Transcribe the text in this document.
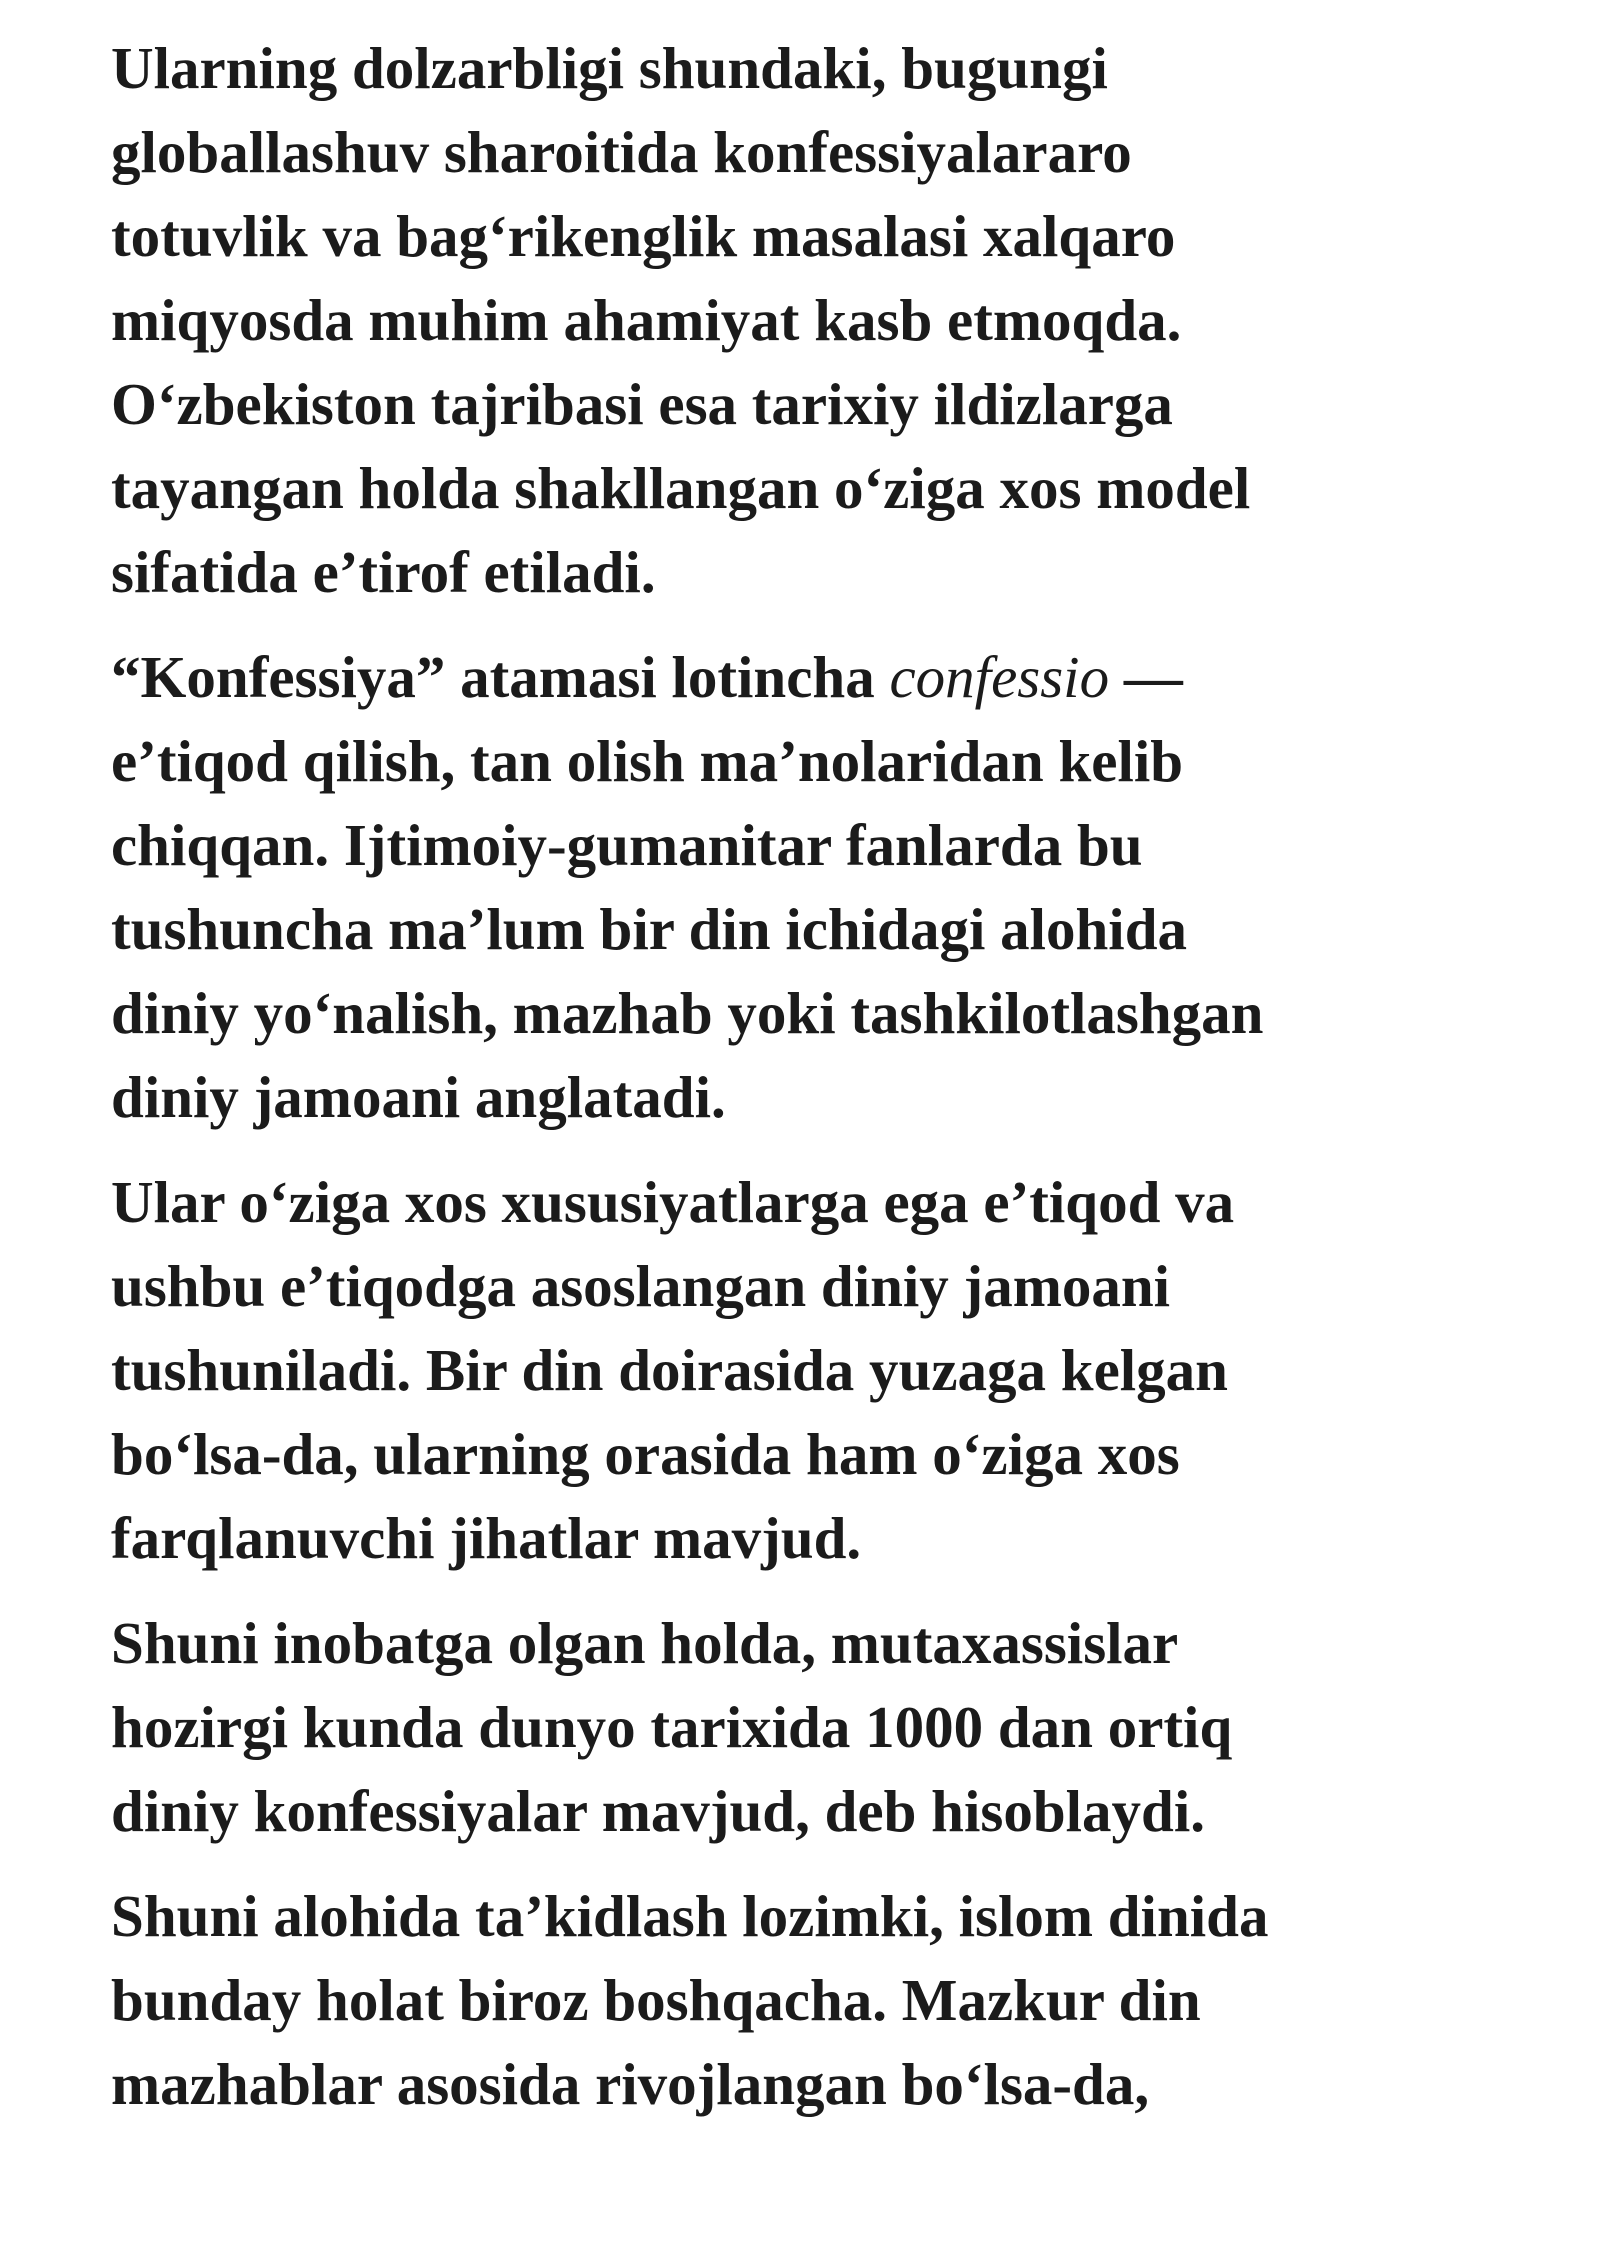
Ularning dolzarbligi shundaki, bugungi
globallashuv sharoitida konfessiyalararo
totuvlik va bag‘rikenglik masalasi xalqaro
miqyosda muhim ahamiyat kasb etmoqda.
O‘zbekiston tajribasi esa tarixiy ildizlarga
tayangan holda shakllangan o‘ziga xos model
sifatida e’tirof etiladi.

“Konfessiya” atamasi lotincha confessio —
e’tiqod qilish, tan olish ma’nolaridan kelib
chiqqan. Ijtimoiy-gumanitar fanlarda bu
tushuncha ma’lum bir din ichidagi alohida
diniy yo‘nalish, mazhab yoki tashkilotlashgan
diniy jamoani anglatadi.

Ular o‘ziga xos xususiyatlarga ega e’tiqod va
ushbu e’tiqodga asoslangan diniy jamoani
tushuniladi. Bir din doirasida yuzaga kelgan
bo‘lsa-da, ularning orasida ham o‘ziga xos
farqlanuvchi jihatlar mavjud.

Shuni inobatga olgan holda, mutaxassislar
hozirgi kunda dunyo tarixida 1000 dan ortiq
diniy konfessiyalar mavjud, deb hisoblaydi.

Shuni alohida ta’kidlash lozimki, islom dinida
bunday holat biroz boshqacha. Mazkur din
mazhablar asosida rivojlangan bo‘lsa-da,
